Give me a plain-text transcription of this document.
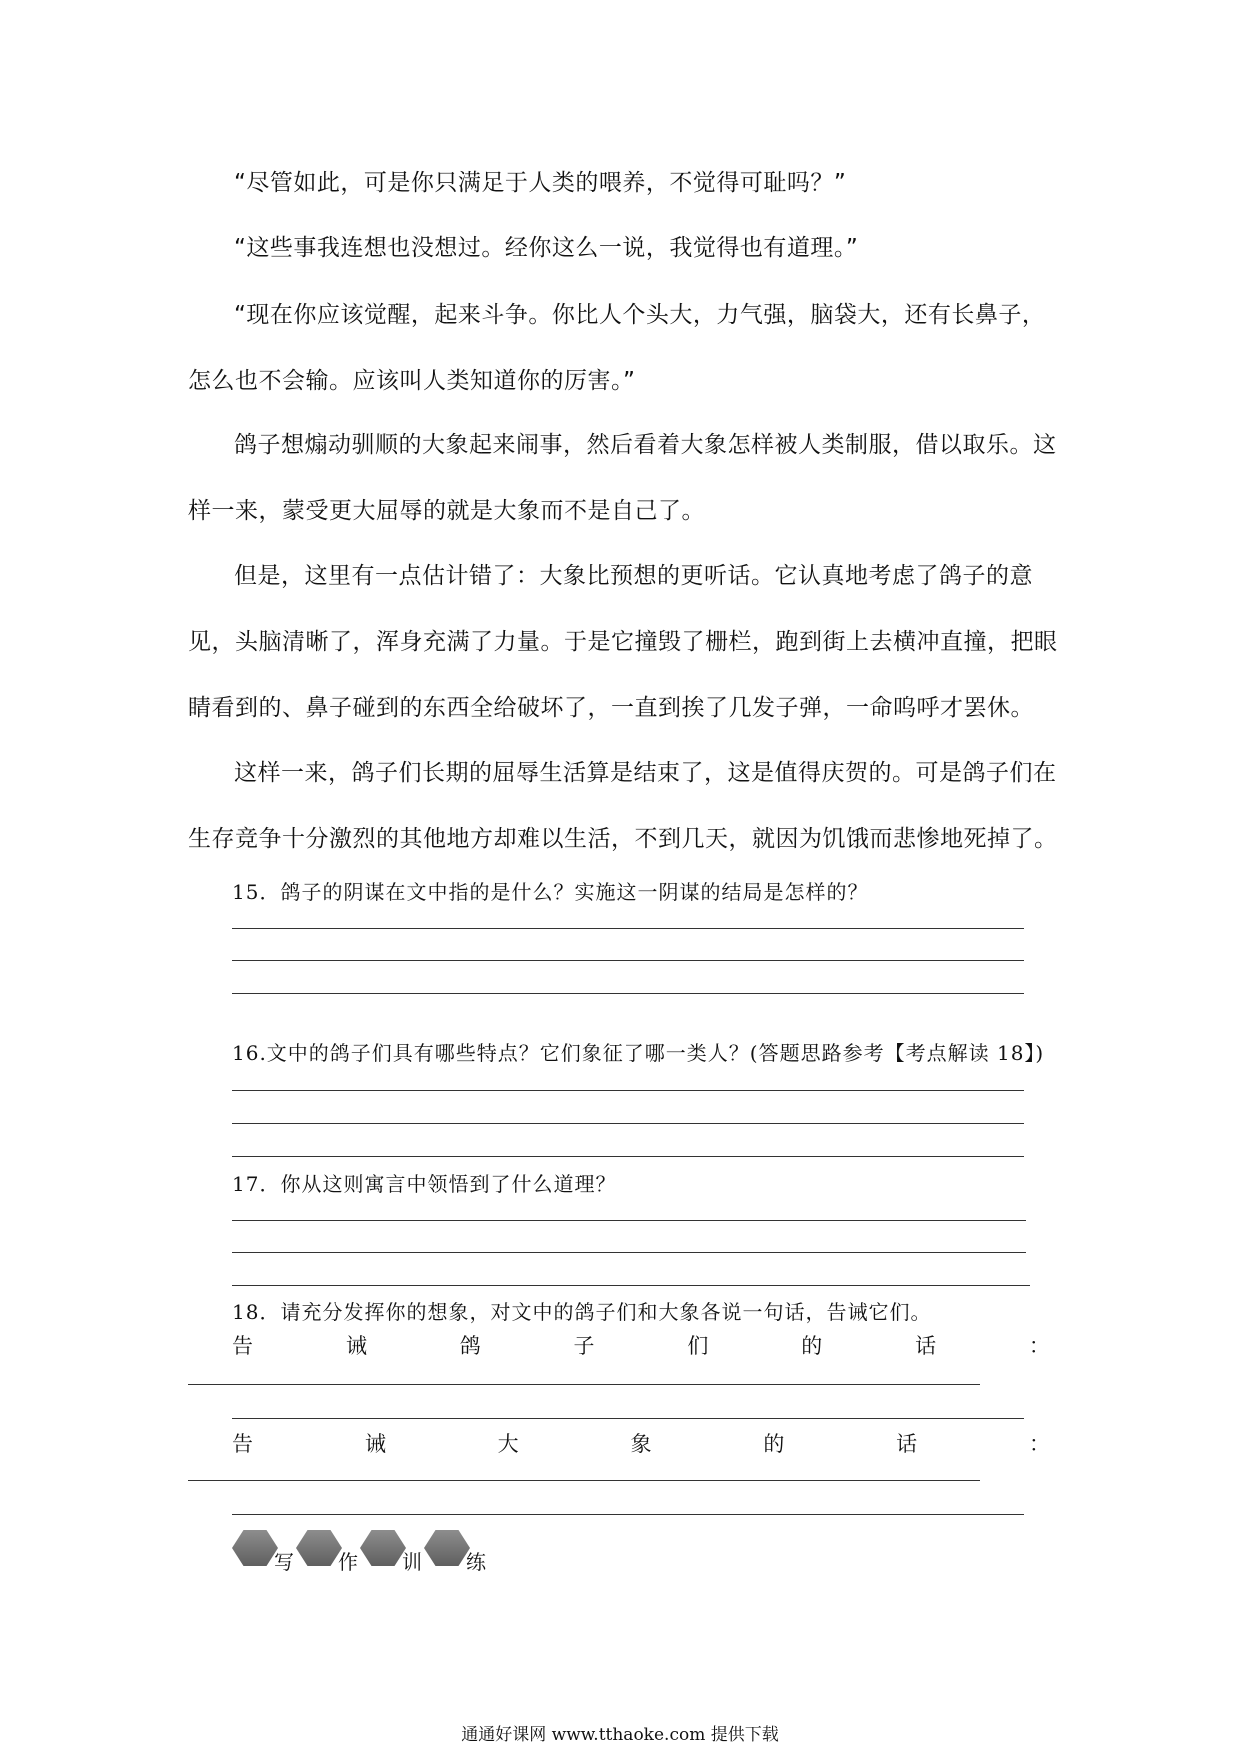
“尽管如此，可是你只满足于人类的喂养，不觉得可耻吗？”

“这些事我连想也没想过。经你这么一说，我觉得也有道理。”

“现在你应该觉醒，起来斗争。你比人个头大，力气强，脑袋大，还有长鼻子，怎么也不会输。应该叫人类知道你的厉害。”

鸽子想煽动驯顺的大象起来闹事，然后看着大象怎样被人类制服，借以取乐。这样一来，蒙受更大屈辱的就是大象而不是自己了。

但是，这里有一点估计错了：大象比预想的更听话。它认真地考虑了鸽子的意见，头脑清晰了，浑身充满了力量。于是它撞毁了栅栏，跑到街上去横冲直撞，把眼睛看到的、鼻子碰到的东西全给破坏了，一直到挨了几发子弹，一命呜呼才罢休。

这样一来，鸽子们长期的屈辱生活算是结束了，这是值得庆贺的。可是鸽子们在生存竞争十分激烈的其他地方却难以生活，不到几天，就因为饥饿而悲惨地死掉了。

15．鸽子的阴谋在文中指的是什么？实施这一阴谋的结局是怎样的？

16.文中的鸽子们具有哪些特点？它们象征了哪一类人？(答题思路参考【考点解读 18】)

17．你从这则寓言中领悟到了什么道理？

18．请充分发挥你的想象，对文中的鸽子们和大象各说一句话，告诫它们。

告	诫	鸽	子	们	的	话	：
告	诫	大	象	的	话	：
写 作 训 练
通通好课网 www.tthaoke.com 提供下载
